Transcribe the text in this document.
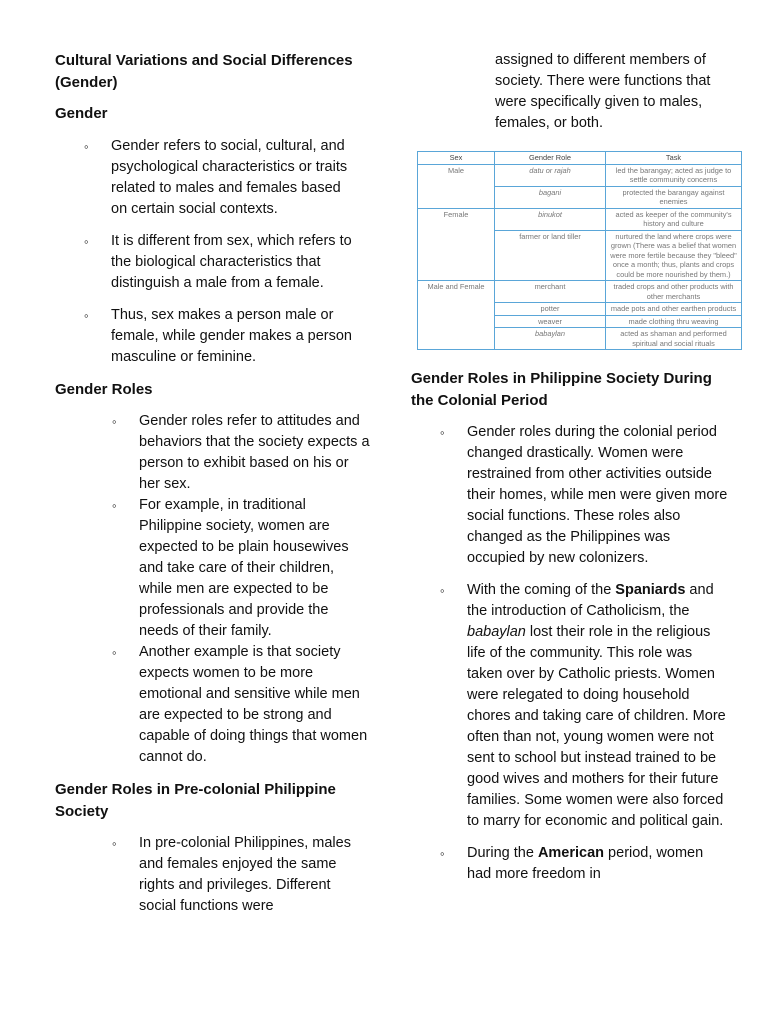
Cultural Variations and Social Differences (Gender)
Gender
◦ Gender refers to social, cultural, and psychological characteristics or traits related to males and females based on certain social contexts.
◦ It is different from sex, which refers to the biological characteristics that distinguish a male from a female.
◦ Thus, sex makes a person male or female, while gender makes a person masculine or feminine.
Gender Roles
◦ Gender roles refer to attitudes and behaviors that the society expects a person to exhibit based on his or her sex.
◦ For example, in traditional Philippine society, women are expected to be plain housewives and take care of their children, while men are expected to be professionals and provide the needs of their family.
◦ Another example is that society expects women to be more emotional and sensitive while men are expected to be strong and capable of doing things that women cannot do.
Gender Roles in Pre-colonial Philippine Society
◦ In pre-colonial Philippines, males and females enjoyed the same rights and privileges. Different social functions were
assigned to different members of society. There were functions that were specifically given to males, females, or both.
Sex	Gender Role	Task
Male	datu or rajah	led the barangay; acted as judge to settle community concerns
	bagani	protected the barangay against enemies
Female	binukot	acted as keeper of the community's history and culture
	farmer or land tiller	nurtured the land where crops were grown (There was a belief that women were more fertile because they "bleed" once a month; thus, plants and crops could be more nourished by them.)
Male and Female	merchant	traded crops and other products with other merchants
	potter	made pots and other earthen products
	weaver	made clothing thru weaving
	babaylan	acted as shaman and performed spiritual and social rituals
Gender Roles in Philippine Society During the Colonial Period
◦ Gender roles during the colonial period changed drastically. Women were restrained from other activities outside their homes, while men were given more social functions. These roles also changed as the Philippines was occupied by new colonizers.
◦ With the coming of the Spaniards and the introduction of Catholicism, the babaylan lost their role in the religious life of the community. This role was taken over by Catholic priests. Women were relegated to doing household chores and taking care of children. More often than not, young women were not sent to school but instead trained to be good wives and mothers for their future families. Some women were also forced to marry for economic and political gain.
◦ During the American period, women had more freedom in
